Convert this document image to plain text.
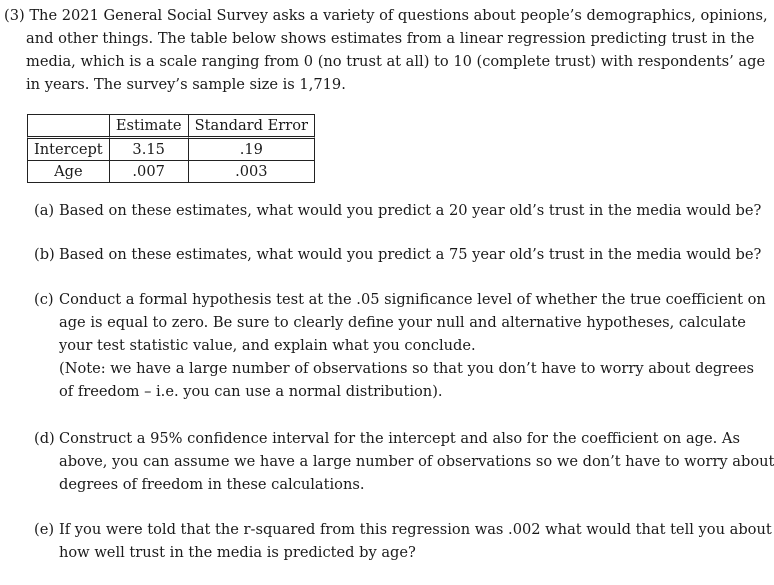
(3) The 2021 General Social Survey asks a variety of questions about people’s demographics, opinions,
and other things. The table below shows estimates from a linear regression predicting trust in the
media, which is a scale ranging from 0 (no trust at all) to 10 (complete trust) with respondents’ age
in years. The survey’s sample size is 1,719.
	Estimate	Standard Error
Intercept	3.15	.19
Age	.007	.003
(a) Based on these estimates, what would you predict a 20 year old’s trust in the media would be?
(b) Based on these estimates, what would you predict a 75 year old’s trust in the media would be?
(c) Conduct a formal hypothesis test at the .05 significance level of whether the true coefficient on
age is equal to zero. Be sure to clearly define your null and alternative hypotheses, calculate
your test statistic value, and explain what you conclude.
(Note: we have a large number of observations so that you don’t have to worry about degrees
of freedom – i.e. you can use a normal distribution).
(d) Construct a 95% confidence interval for the intercept and also for the coefficient on age. As
above, you can assume we have a large number of observations so we don’t have to worry about
degrees of freedom in these calculations.
(e) If you were told that the r-squared from this regression was .002 what would that tell you about
how well trust in the media is predicted by age?
